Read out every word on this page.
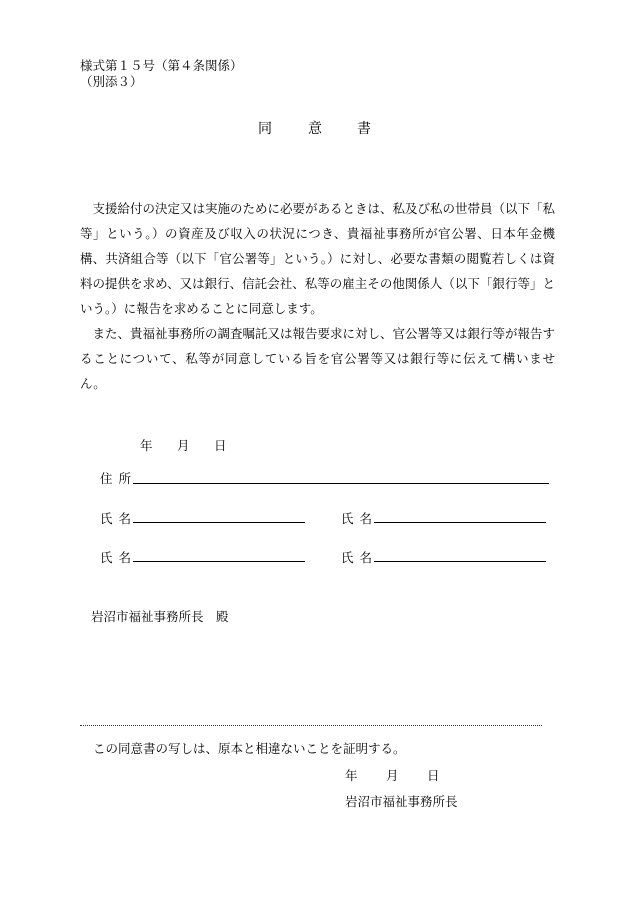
様式第１５号（第４条関係）
（別添３）
同	意	書

支援給付の決定又は実施のために必要があるときは、私及び私の世帯員（以下「私等」という。）の資産及び収入の状況につき、貴福祉事務所が官公署、日本年金機構、共済組合等（以下「官公署等」という。）に対し、必要な書類の閲覧若しくは資料の提供を求め、又は銀行、信託会社、私等の雇主その他関係人（以下「銀行等」という。）に報告を求めることに同意します。

また、貴福祉事務所の調査嘱託又は報告要求に対し、官公署等又は銀行等が報告することについて、私等が同意している旨を官公署等又は銀行等に伝えて構いません。

年 月 日
住所
氏名	氏名
氏名	氏名
岩沼市福祉事務所長　殿
この同意書の写しは、原本と相違ないことを証明する。
年 月 日
岩沼市福祉事務所長
